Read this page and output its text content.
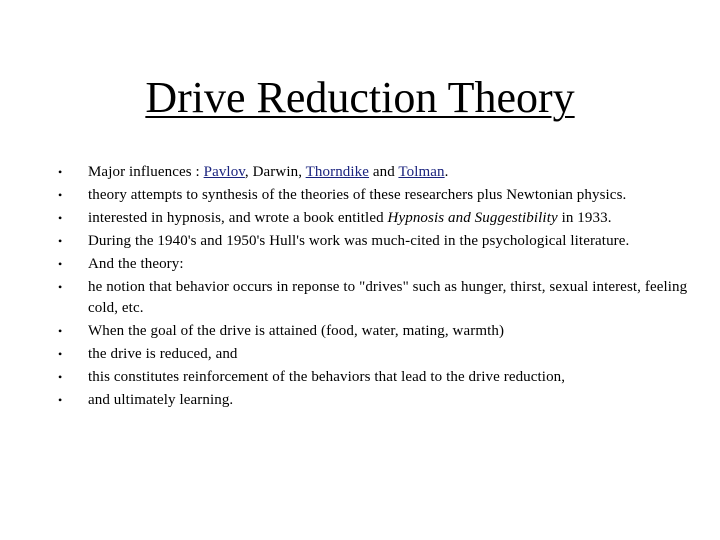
Drive Reduction Theory
•	Major influences : Pavlov, Darwin, Thorndike and Tolman.
•	theory attempts to synthesis of the theories of these researchers plus Newtonian physics.
•	interested in hypnosis, and wrote a book entitled Hypnosis and Suggestibility in 1933.
•	During the 1940's and 1950's Hull's work was much-cited in the psychological literature.
•	And the theory:
•	he notion that behavior occurs in reponse to "drives" such as hunger, thirst, sexual interest, feeling cold, etc.
•	When the goal of the drive is attained (food, water, mating, warmth)
•	the drive is reduced, and
•	this constitutes reinforcement of the behaviors that lead to the drive reduction,
•	and ultimately learning.
